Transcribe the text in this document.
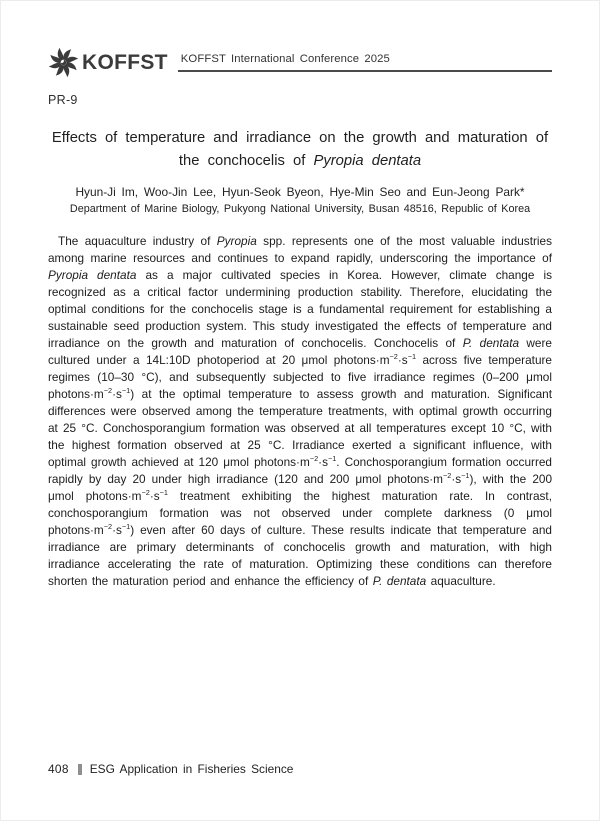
KOFFST KOFFST International Conference 2025
PR-9
Effects of temperature and irradiance on the growth and maturation of the conchocelis of Pyropia dentata
Hyun-Ji Im, Woo-Jin Lee, Hyun-Seok Byeon, Hye-Min Seo and Eun-Jeong Park*
Department of Marine Biology, Pukyong National University, Busan 48516, Republic of Korea

The aquaculture industry of Pyropia spp. represents one of the most valuable industries among marine resources and continues to expand rapidly, underscoring the importance of Pyropia dentata as a major cultivated species in Korea. However, climate change is recognized as a critical factor undermining production stability. Therefore, elucidating the optimal conditions for the conchocelis stage is a fundamental requirement for establishing a sustainable seed production system. This study investigated the effects of temperature and irradiance on the growth and maturation of conchocelis. Conchocelis of P. dentata were cultured under a 14L:10D photoperiod at 20 μmol $photons\cdot m^{-2}\cdot s^{-1}$ across five temperature regimes (10–30 °C), and subsequently subjected to five irradiance regimes (0–200 μmol $photons\cdot m^{-2}\cdot s^{-1}$) at the optimal temperature to assess growth and maturation. Significant differences were observed among the temperature treatments, with optimal growth occurring at 25 °C. Conchosporangium formation was observed at all temperatures except 10 °C, with the highest formation observed at 25 °C. Irradiance exerted a significant influence, with optimal growth achieved at 120 μmol $photons\cdot m^{-2}\cdot s^{-1}$. Conchosporangium formation occurred rapidly by day 20 under high irradiance (120 and 200 μmol $photons\cdot m^{-2}\cdot s^{-1}$), with the 200 μmol $photons\cdot m^{-2}\cdot s^{-1}$ treatment exhibiting the highest maturation rate. In contrast, conchosporangium formation was not observed under complete darkness (0 μmol $photons\cdot m^{-2}\cdot s^{-1}$) even after 60 days of culture. These results indicate that temperature and irradiance are primary determinants of conchocelis growth and maturation, with high irradiance accelerating the rate of maturation. Optimizing these conditions can therefore shorten the maturation period and enhance the efficiency of P. dentata aquaculture.

408 ESG Application in Fisheries Science
